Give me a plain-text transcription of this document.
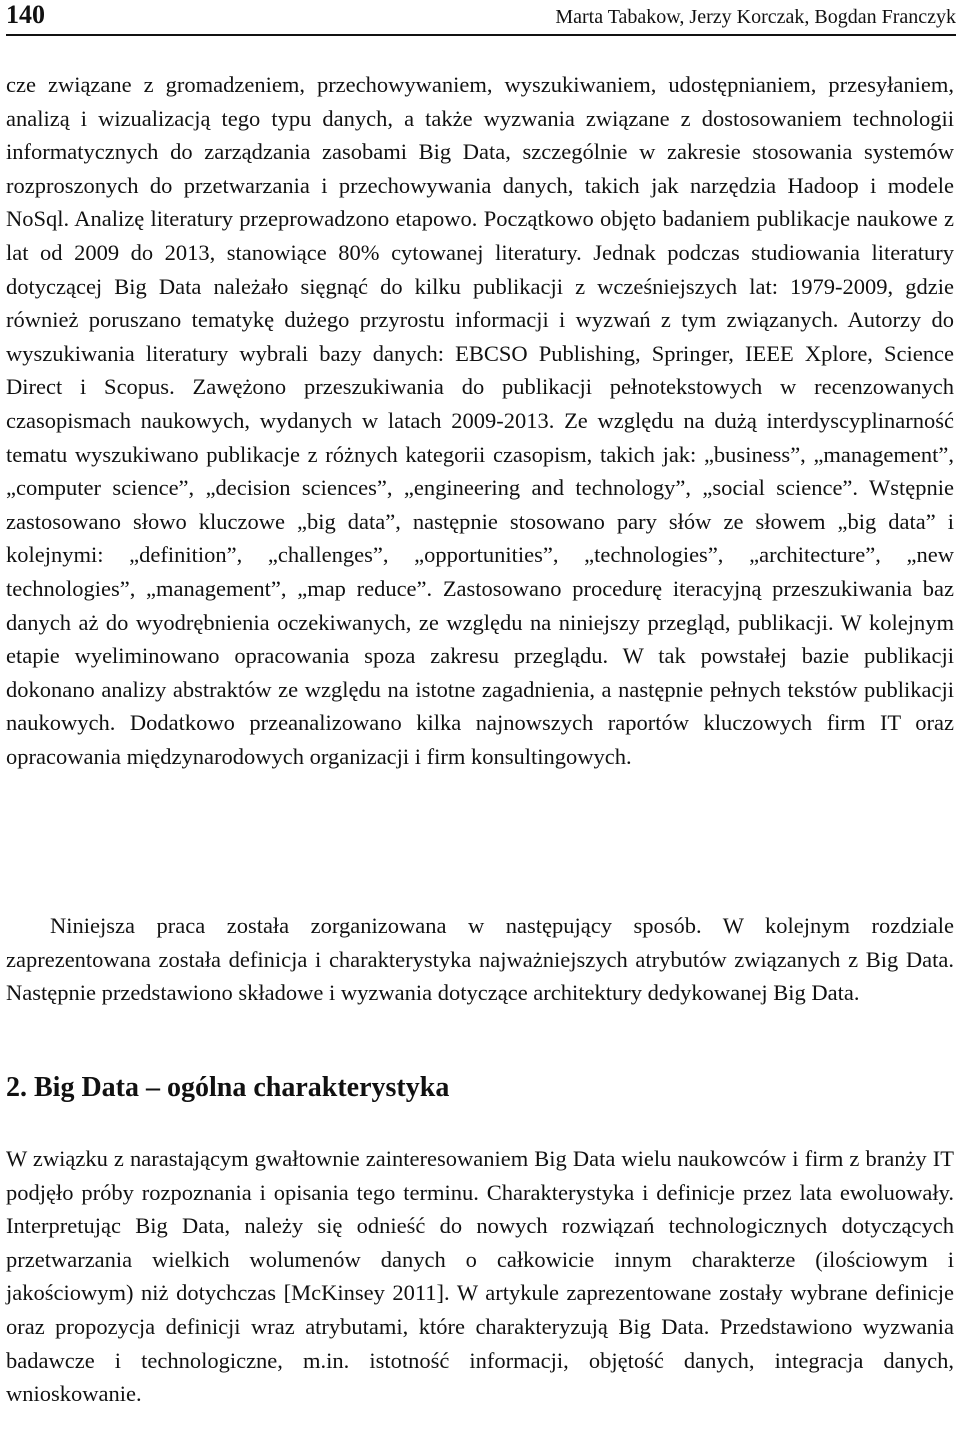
140	Marta Tabakow, Jerzy Korczak, Bogdan Franczyk

cze związane z gromadzeniem, przechowywaniem, wyszukiwaniem, udostępnianiem, przesyłaniem, analizą i wizualizacją tego typu danych, a także wyzwania związane z dostosowaniem technologii informatycznych do zarządzania zasobami Big Data, szczególnie w zakresie stosowania systemów rozproszonych do przetwarzania i przechowywania danych, takich jak narzędzia Hadoop i modele NoSql. Analizę literatury przeprowadzono etapowo. Początkowo objęto badaniem publikacje naukowe z lat od 2009 do 2013, stanowiące 80% cytowanej literatury. Jednak podczas studiowania literatury dotyczącej Big Data należało sięgnąć do kilku publikacji z wcześniejszych lat: 1979-2009, gdzie również poruszano tematykę dużego przyrostu informacji i wyzwań z tym związanych. Autorzy do wyszukiwania literatury wybrali bazy danych: EBCSO Publishing, Springer, IEEE Xplore, Science Direct i Scopus. Zawężono przeszukiwania do publikacji pełnotekstowych w recenzowanych czasopismach naukowych, wydanych w latach 2009-2013. Ze względu na dużą interdyscyplinarność tematu wyszukiwano publikacje z różnych kategorii czasopism, takich jak: „business”, „management”, „computer science”, „decision sciences”, „engineering and technology”, „social science”. Wstępnie zastosowano słowo kluczowe „big data”, następnie stosowano pary słów ze słowem „big data” i kolejnymi: „definition”, „challenges”, „opportunities”, „technologies”, „architecture”, „new technologies”, „management”, „map reduce”. Zastosowano procedurę iteracyjną przeszukiwania baz danych aż do wyodrębnienia oczekiwanych, ze względu na niniejszy przegląd, publikacji. W kolejnym etapie wyeliminowano opracowania spoza zakresu przeglądu. W tak powstałej bazie publikacji dokonano analizy abstraktów ze względu na istotne zagadnienia, a następnie pełnych tekstów publikacji naukowych. Dodatkowo przeanalizowano kilka najnowszych raportów kluczowych firm IT oraz opracowania międzynarodowych organizacji i firm konsultingowych.

Niniejsza praca została zorganizowana w następujący sposób. W kolejnym rozdziale zaprezentowana została definicja i charakterystyka najważniejszych atrybutów związanych z Big Data. Następnie przedstawiono składowe i wyzwania dotyczące architektury dedykowanej Big Data.

2. Big Data – ogólna charakterystyka

W związku z narastającym gwałtownie zainteresowaniem Big Data wielu naukowców i firm z branży IT podjęło próby rozpoznania i opisania tego terminu. Charakterystyka i definicje przez lata ewoluowały. Interpretując Big Data, należy się odnieść do nowych rozwiązań technologicznych dotyczących przetwarzania wielkich wolumenów danych o całkowicie innym charakterze (ilościowym i jakościowym) niż dotychczas [McKinsey 2011]. W artykule zaprezentowane zostały wybrane definicje oraz propozycja definicji wraz atrybutami, które charakteryzują Big Data. Przedstawiono wyzwania badawcze i technologiczne, m.in. istotność informacji, objętość danych, integracja danych, wnioskowanie.
